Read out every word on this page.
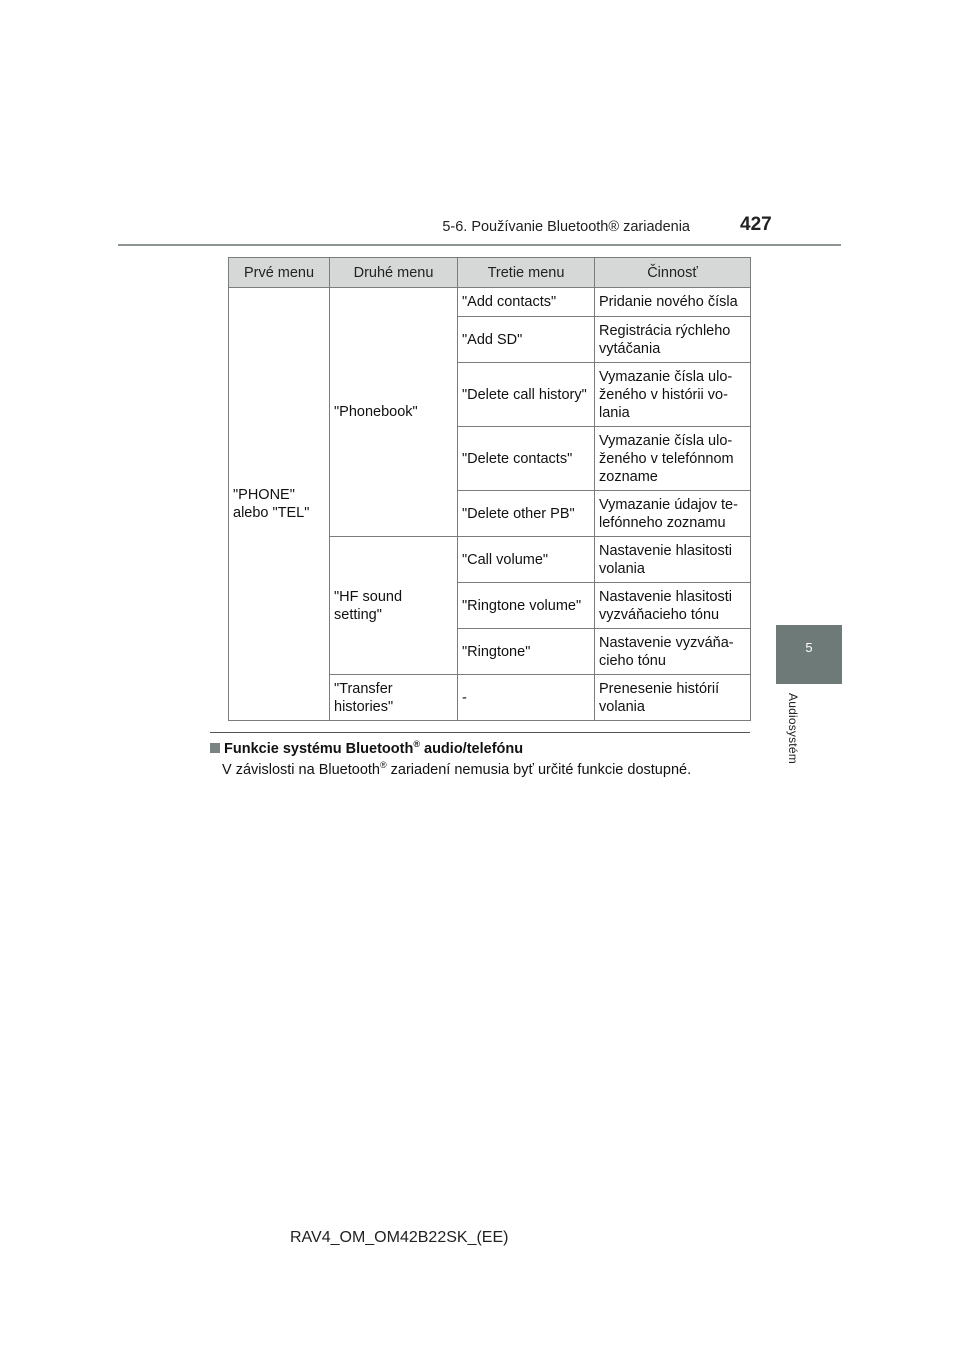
5-6. Používanie Bluetooth® zariadenia	427
5
Audiosystém
Prvé menu	Druhé menu	Tretie menu	Činnosť
"PHONE" alebo "TEL"	"Phonebook"	"Add contacts"	Pridanie nového čísla
		"Add SD"	Registrácia rýchleho vytáčania
		"Delete call history"	Vymazanie čísla ulo-ženého v histórii vo-lania
		"Delete contacts"	Vymazanie čísla ulo-ženého v telefónnom zozname
		"Delete other PB"	Vymazanie údajov te-lefónneho zoznamu
	"HF sound setting"	"Call volume"	Nastavenie hlasitosti volania
		"Ringtone volume"	Nastavenie hlasitosti vyzváňacieho tónu
		"Ringtone"	Nastavenie vyzváňa-cieho tónu
	"Transfer histories"	-	Prenesenie histórií volania
Funkcie systému Bluetooth® audio/telefónu
V závislosti na Bluetooth® zariadení nemusia byť určité funkcie dostupné.
RAV4_OM_OM42B22SK_(EE)
